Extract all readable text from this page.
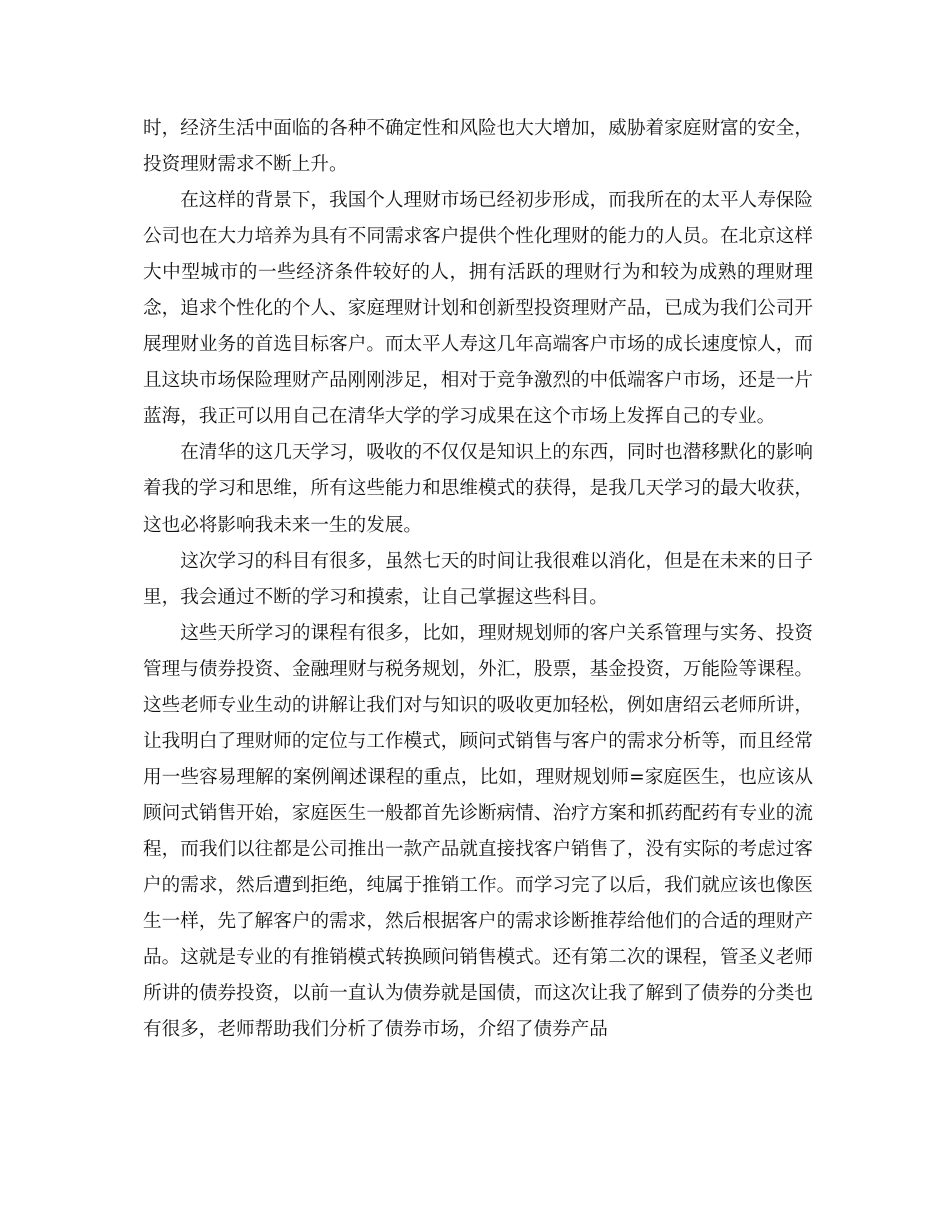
时，经济生活中面临的各种不确定性和风险也大大增加，威胁着家庭财富的安全，投资理财需求不断上升。

在这样的背景下，我国个人理财市场已经初步形成，而我所在的太平人寿保险公司也在大力培养为具有不同需求客户提供个性化理财的能力的人员。在北京这样大中型城市的一些经济条件较好的人，拥有活跃的理财行为和较为成熟的理财理念，追求个性化的个人、家庭理财计划和创新型投资理财产品，已成为我们公司开展理财业务的首选目标客户。而太平人寿这几年高端客户市场的成长速度惊人，而且这块市场保险理财产品刚刚涉足，相对于竞争激烈的中低端客户市场，还是一片蓝海，我正可以用自己在清华大学的学习成果在这个市场上发挥自己的专业。

在清华的这几天学习，吸收的不仅仅是知识上的东西，同时也潜移默化的影响着我的学习和思维，所有这些能力和思维模式的获得，是我几天学习的最大收获，这也必将影响我未来一生的发展。

这次学习的科目有很多，虽然七天的时间让我很难以消化，但是在未来的日子里，我会通过不断的学习和摸索，让自己掌握这些科目。

这些天所学习的课程有很多，比如，理财规划师的客户关系管理与实务、投资管理与债券投资、金融理财与税务规划，外汇，股票，基金投资，万能险等课程。这些老师专业生动的讲解让我们对与知识的吸收更加轻松，例如唐绍云老师所讲，让我明白了理财师的定位与工作模式，顾问式销售与客户的需求分析等，而且经常用一些容易理解的案例阐述课程的重点，比如，理财规划师=家庭医生，也应该从顾问式销售开始，家庭医生一般都首先诊断病情、治疗方案和抓药配药有专业的流程，而我们以往都是公司推出一款产品就直接找客户销售了，没有实际的考虑过客户的需求，然后遭到拒绝，纯属于推销工作。而学习完了以后，我们就应该也像医生一样，先了解客户的需求，然后根据客户的需求诊断推荐给他们的合适的理财产品。这就是专业的有推销模式转换顾问销售模式。还有第二次的课程，管圣义老师所讲的债券投资，以前一直认为债券就是国债，而这次让我了解到了债券的分类也有很多，老师帮助我们分析了债券市场，介绍了债券产品
